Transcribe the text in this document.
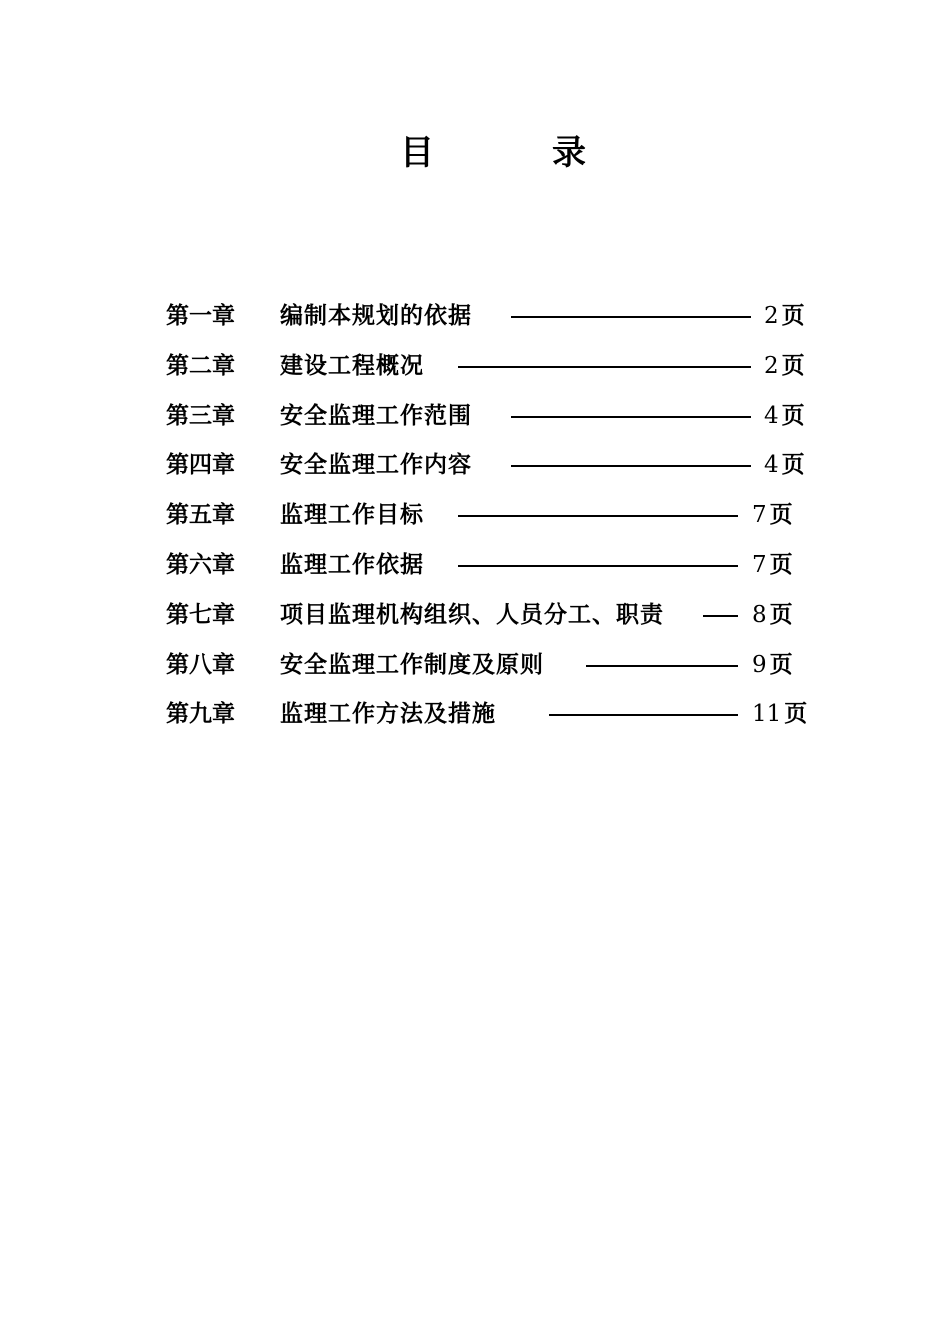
目	录
第一章 编制本规划的依据	2 页
第二章 建设工程概况	2 页
第三章 安全监理工作范围	4 页
第四章 安全监理工作内容	4 页
第五章 监理工作目标	7 页
第六章 监理工作依据	7 页
第七章 项目监理机构组织、人员分工、职责	8 页
第八章 安全监理工作制度及原则	9 页
第九章 监理工作方法及措施	11 页
